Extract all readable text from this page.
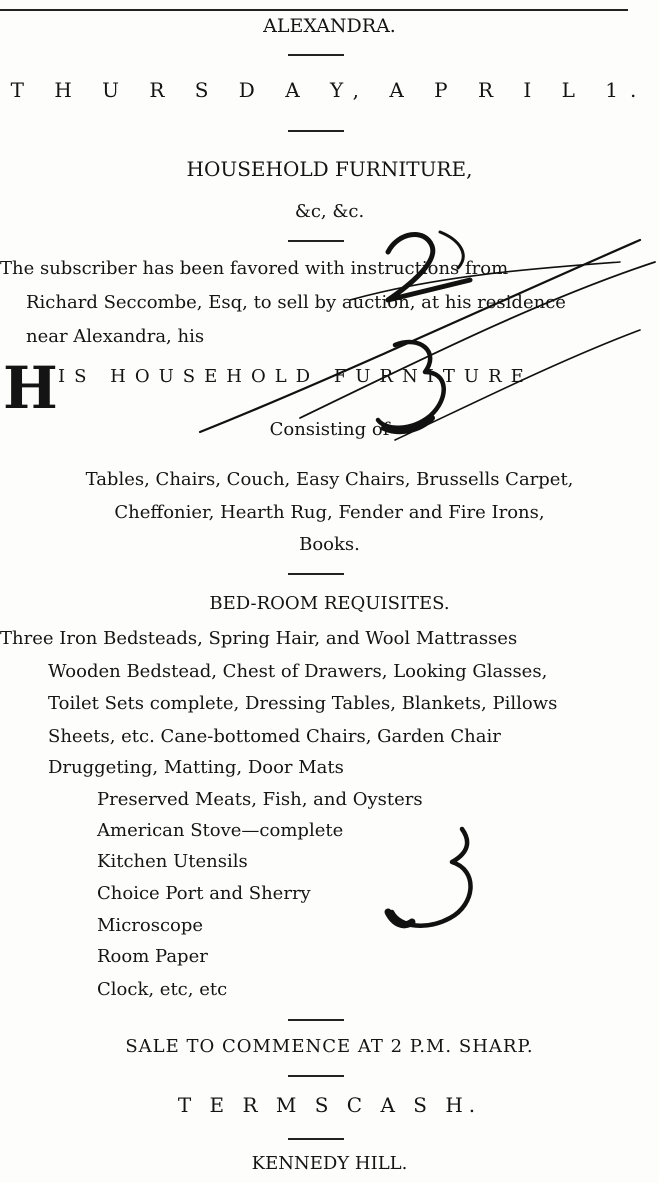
ALEXANDRA.
T H U R S D A Y, A P R I L 1.
HOUSEHOLD FURNITURE,
&c, &c.
The subscriber has been favored with instructions from
Richard Seccombe, Esq, to sell by auction, at his residence
near Alexandra, his
H IS HOUSEHOLD FURNITURE
Consisting of
Tables, Chairs, Couch, Easy Chairs, Brussells Carpet,
Cheffonier, Hearth Rug, Fender and Fire Irons,
Books.
BED-ROOM REQUISITES.
Three Iron Bedsteads, Spring Hair, and Wool Mattrasses
Wooden Bedstead, Chest of Drawers, Looking Glasses,
Toilet Sets complete, Dressing Tables, Blankets, Pillows
Sheets, etc. Cane-bottomed Chairs, Garden Chair
Druggeting, Matting, Door Mats
Preserved Meats, Fish, and Oysters
American Stove—complete
Kitchen Utensils
Choice Port and Sherry
Microscope
Room Paper
Clock, etc, etc
SALE TO COMMENCE AT 2 P.M. SHARP.
T E R M S C A S H.
KENNEDY HILL.
